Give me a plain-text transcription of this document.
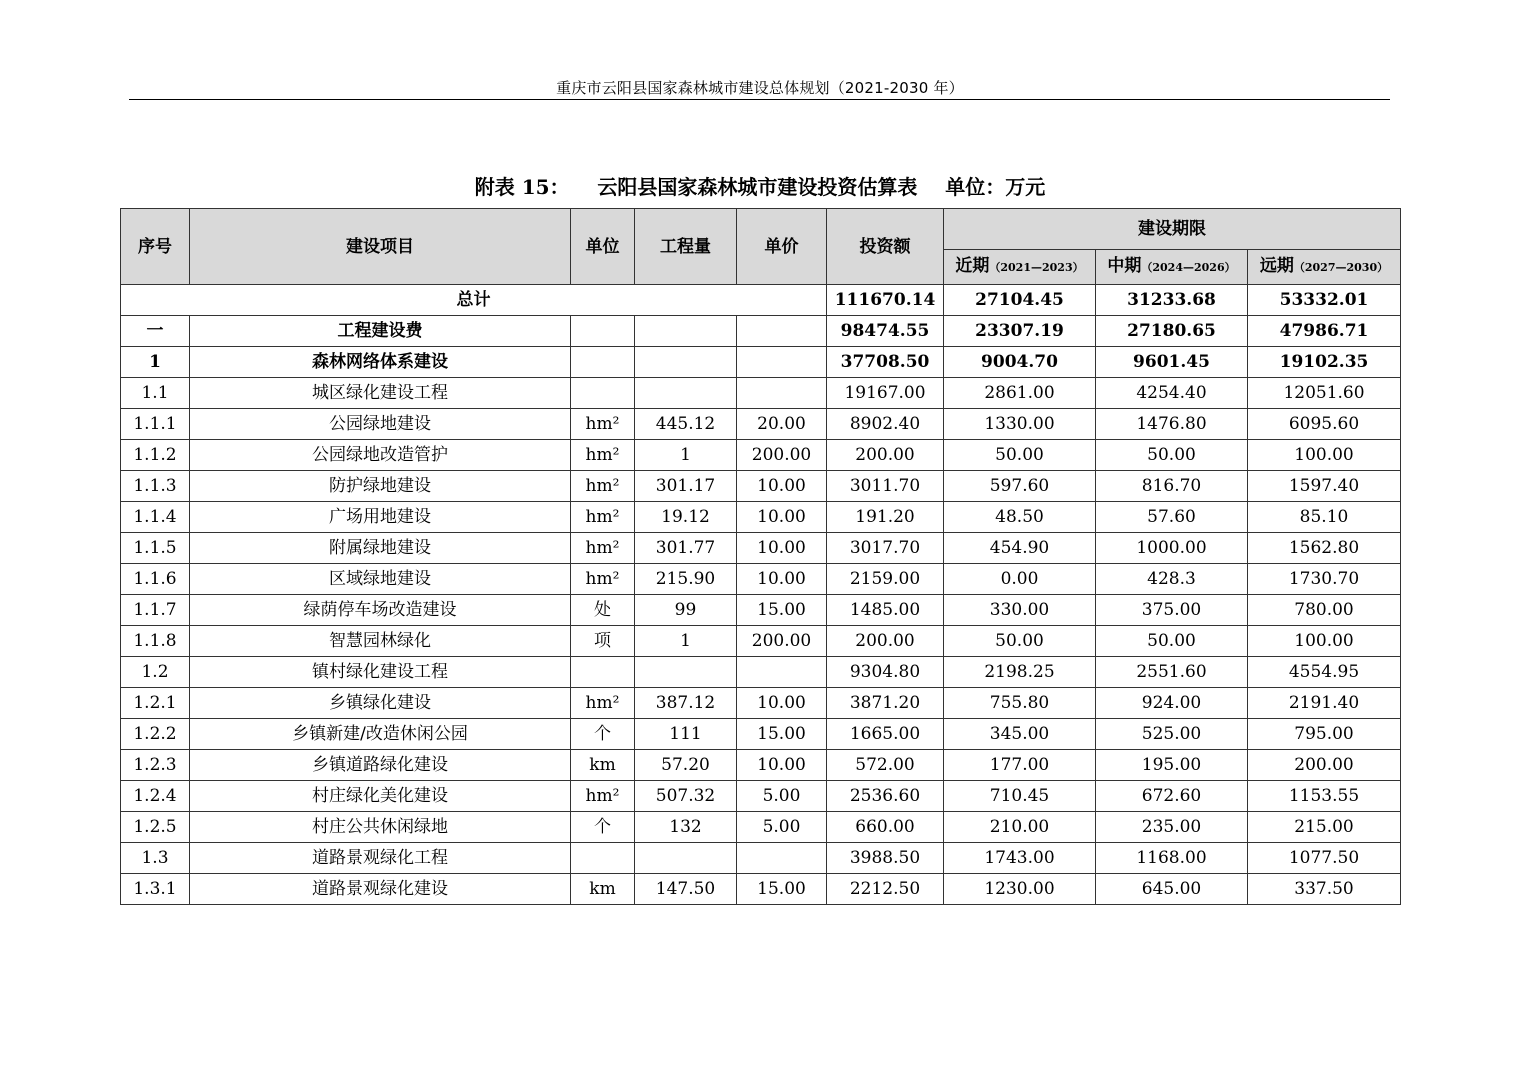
重庆市云阳县国家森林城市建设总体规划（2021-2030 年）
附表 15：    云阳县国家森林城市建设投资估算表    单位：万元
序号	建设项目	单位	工程量	单价	投资额	建设期限		
						近期（2021—2023）	中期（2024—2026）	远期（2027—2030）
总计					111670.14	27104.45	31233.68	53332.01
一	工程建设费				98474.55	23307.19	27180.65	47986.71
1	森林网络体系建设				37708.50	9004.70	9601.45	19102.35
1.1	城区绿化建设工程				19167.00	2861.00	4254.40	12051.60
1.1.1	公园绿地建设	hm²	445.12	20.00	8902.40	1330.00	1476.80	6095.60
1.1.2	公园绿地改造管护	hm²	1	200.00	200.00	50.00	50.00	100.00
1.1.3	防护绿地建设	hm²	301.17	10.00	3011.70	597.60	816.70	1597.40
1.1.4	广场用地建设	hm²	19.12	10.00	191.20	48.50	57.60	85.10
1.1.5	附属绿地建设	hm²	301.77	10.00	3017.70	454.90	1000.00	1562.80
1.1.6	区域绿地建设	hm²	215.90	10.00	2159.00	0.00	428.3	1730.70
1.1.7	绿荫停车场改造建设	处	99	15.00	1485.00	330.00	375.00	780.00
1.1.8	智慧园林绿化	项	1	200.00	200.00	50.00	50.00	100.00
1.2	镇村绿化建设工程				9304.80	2198.25	2551.60	4554.95
1.2.1	乡镇绿化建设	hm²	387.12	10.00	3871.20	755.80	924.00	2191.40
1.2.2	乡镇新建/改造休闲公园	个	111	15.00	1665.00	345.00	525.00	795.00
1.2.3	乡镇道路绿化建设	km	57.20	10.00	572.00	177.00	195.00	200.00
1.2.4	村庄绿化美化建设	hm²	507.32	5.00	2536.60	710.45	672.60	1153.55
1.2.5	村庄公共休闲绿地	个	132	5.00	660.00	210.00	235.00	215.00
1.3	道路景观绿化工程				3988.50	1743.00	1168.00	1077.50
1.3.1	道路景观绿化建设	km	147.50	15.00	2212.50	1230.00	645.00	337.50
